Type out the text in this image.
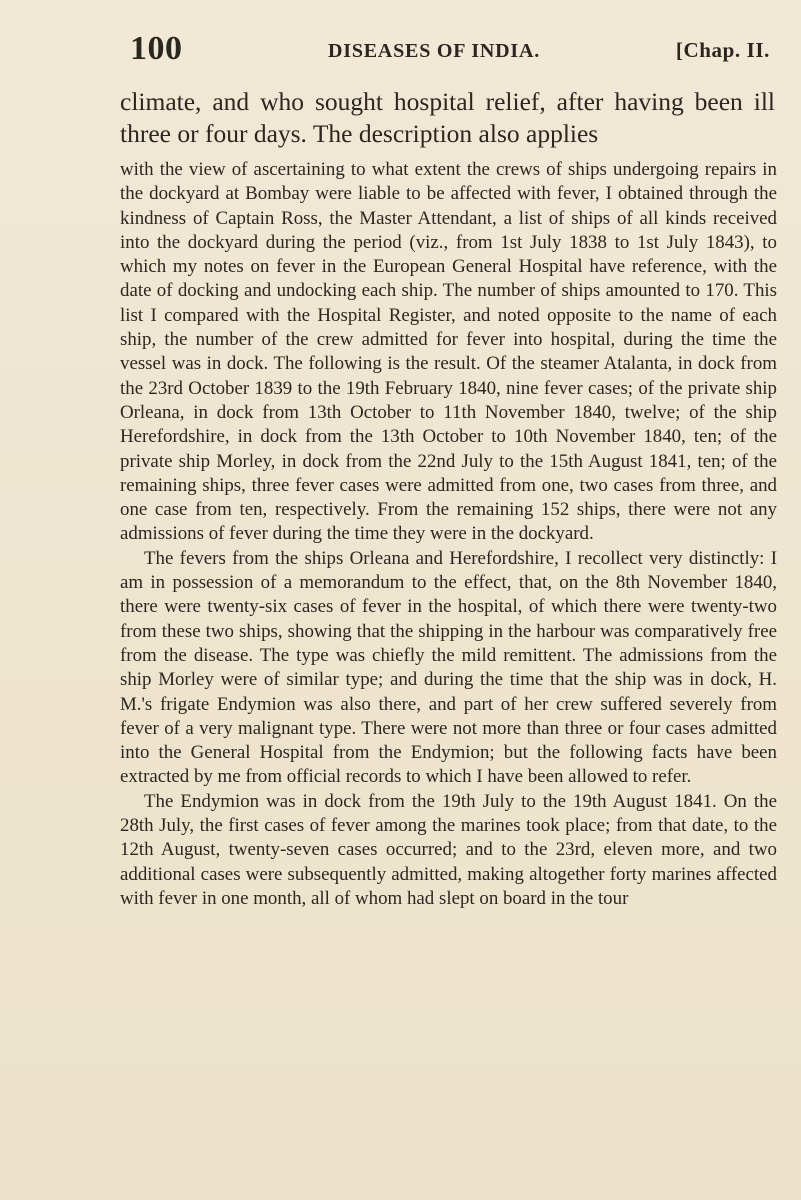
100	DISEASES OF INDIA.	[Chap. II.
climate, and who sought hospital relief, after having been ill three or four days. The description also applies

with the view of ascertaining to what extent the crews of ships undergoing repairs in the dockyard at Bombay were liable to be affected with fever, I obtained through the kindness of Captain Ross, the Master Attendant, a list of ships of all kinds received into the dockyard during the period (viz., from 1st July 1838 to 1st July 1843), to which my notes on fever in the European General Hospital have reference, with the date of docking and undocking each ship. The number of ships amounted to 170. This list I compared with the Hospital Register, and noted opposite to the name of each ship, the number of the crew admitted for fever into hospital, during the time the vessel was in dock. The following is the result. Of the steamer Atalanta, in dock from the 23rd October 1839 to the 19th February 1840, nine fever cases; of the private ship Orleana, in dock from 13th October to 11th November 1840, twelve; of the ship Herefordshire, in dock from the 13th October to 10th November 1840, ten; of the private ship Morley, in dock from the 22nd July to the 15th August 1841, ten; of the remaining ships, three fever cases were admitted from one, two cases from three, and one case from ten, respectively. From the remaining 152 ships, there were not any admissions of fever during the time they were in the dockyard.

The fevers from the ships Orleana and Herefordshire, I recollect very distinctly: I am in possession of a memorandum to the effect, that, on the 8th November 1840, there were twenty-six cases of fever in the hospital, of which there were twenty-two from these two ships, showing that the shipping in the harbour was comparatively free from the disease. The type was chiefly the mild remittent. The admissions from the ship Morley were of similar type; and during the time that the ship was in dock, H. M.'s frigate Endymion was also there, and part of her crew suffered severely from fever of a very malignant type. There were not more than three or four cases admitted into the General Hospital from the Endymion; but the following facts have been extracted by me from official records to which I have been allowed to refer.

The Endymion was in dock from the 19th July to the 19th August 1841. On the 28th July, the first cases of fever among the marines took place; from that date, to the 12th August, twenty-seven cases occurred; and to the 23rd, eleven more, and two additional cases were subsequently admitted, making altogether forty marines affected with fever in one month, all of whom had slept on board in the tour
